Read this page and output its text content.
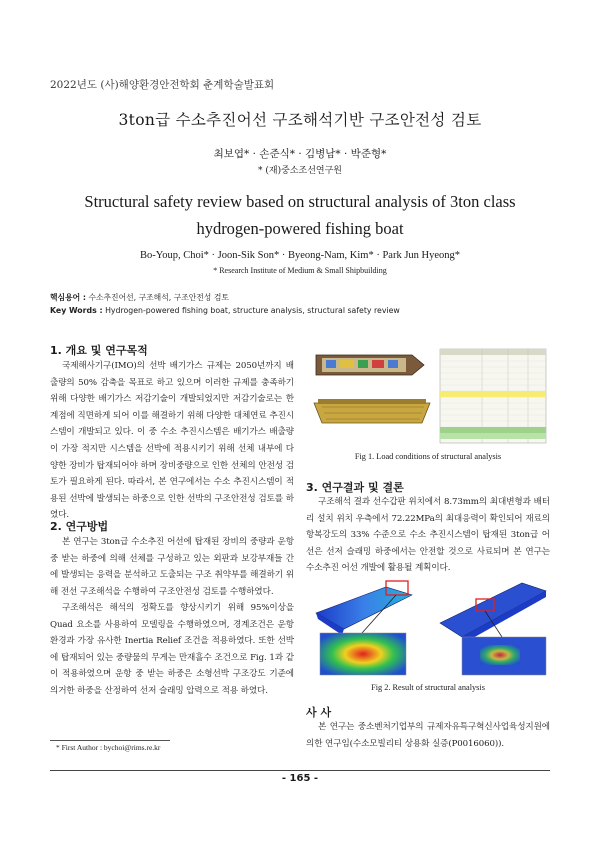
2022년도 (사)해양환경안전학회 춘계학술발표회
3ton급 수소추진어선 구조해석기반 구조안전성 검토
최보엽* · 손준식* · 김병남* · 박준형*
* (재)중소조선연구원
Structural safety review based on structural analysis of 3ton class hydrogen-powered fishing boat
Bo-Youp, Choi* · Joon-Sik Son* · Byeong-Nam, Kim* · Park Jun Hyeong*
* Research Institute of Medium & Small Shipbuilding
핵심용어 : 수소추진어선, 구조해석, 구조안전성 검토
Key Words : Hydrogen-powered fishing boat, structure analysis, structural safety review
1. 개요 및 연구목적
국제해사기구(IMO)의 선박 배기가스 규제는 2050년까지 배출량의 50% 감축을 목표로 하고 있으며 이러한 규제를 충족하기 위해 다양한 배기가스 저감기술이 개발되었지만 저감기술로는 한계점에 직면하게 되어 이를 해결하기 위해 다양한 대체연료 추진시스템이 개발되고 있다. 이 중 수소 추진시스템은 배기가스 배출량이 가장 적지만 시스템을 선박에 적용시키기 위해 선체 내부에 다양한 장비가 탑재되어야 하며 장비중량으로 인한 선체의 안전성 검토가 필요하게 된다. 따라서, 본 연구에서는 수소 추진시스템이 적용된 선박에 발생되는 하중으로 인한 선박의 구조안전성 검토를 하였다.
2. 연구방법
본 연구는 3ton급 수소추진 어선에 탑재된 장비의 중량과 운항 중 받는 하중에 의해 선체를 구성하고 있는 외판과 보강부재들 간에 발생되는 응력을 분석하고 도출되는 구조 취약부를 해결하기 위해 전선 구조해석을 수행하여 구조안전성 검토를 수행하였다.
구조해석은 해석의 정확도를 향상시키기 위해 95%이상을 Quad 요소를 사용하여 모델링을 수행하였으며, 경계조건은 운항환경과 가장 유사한 Inertia Relief 조건을 적용하였다. 또한 선박에 탑재되어 있는 중량물의 무게는 만재흘수 조건으로 Fig. 1과 같이 적용하였으며 운항 중 받는 하중은 소형선박 구조강도 기준에 의거한 하중을 산정하여 선저 슬래밍 압력으로 적용 하였다.
* First Author : bychoi@rims.re.kr
Fig 1. Load conditions of structural analysis
3. 연구결과 및 결론
구조해석 결과 선수갑판 위치에서 8.73mm의 최대변형과 배터리 설치 위치 우측에서 72.22MPa의 최대응력이 확인되어 재료의 항복강도의 33% 수준으로 수소 추진시스템이 탑재된 3ton급 어선은 선저 슬래밍 하중에서는 안전할 것으로 사료되며 본 연구는 수소추진 어선 개발에 활용될 계획이다.
Fig 2. Result of structural analysis
사 사
본 연구는 중소벤처기업부의 규제자유특구혁신사업육성지원에 의한 연구임(수소모빌리티 상용화 실증(P0016060)).
- 165 -
